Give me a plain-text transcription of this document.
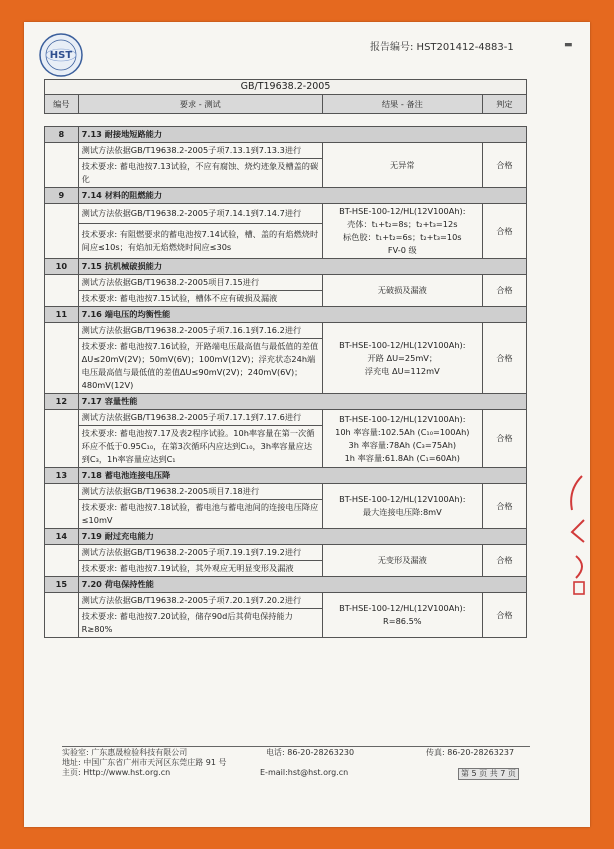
HST
报告编号: HST201412-4883-1	▬
GB/T19638.2-2005
编号	要求 - 测试	结果 - 备注	判定

8	7.13 耐接地短路能力		
	测试方法依据GB/T19638.2-2005子项7.13.1到7.13.3进行	无异常	合格
	技术要求: 蓄电池按7.13试验，不应有腐蚀、烧灼迹象及槽盖的碳化		
9	7.14 材料的阻燃能力		
	测试方法依据GB/T19638.2-2005子项7.14.1到7.14.7进行	BT-HSE-100-12/HL(12V100Ah):
壳体：t₁+t₂=8s；t₂+t₃=12s
标色胶：t₁+t₂=6s；t₂+t₃=10s
FV-0 级	合格
	技术要求: 有阻燃要求的蓄电池按7.14试验，槽、盖的有焰燃烧时间应≤10s；有焰加无焰燃烧时间应≤30s		
10	7.15 抗机械破损能力		
	测试方法依据GB/T19638.2-2005项目7.15进行	无破损及漏液	合格
	技术要求: 蓄电池按7.15试验，槽体不应有破损及漏液		
11	7.16 端电压的均衡性能		
	测试方法依据GB/T19638.2-2005子项7.16.1到7.16.2进行	BT-HSE-100-12/HL(12V100Ah):
开路 ΔU=25mV；
浮充电 ΔU=112mV	合格
	技术要求: 蓄电池按7.16试验，开路端电压最高值与最低值的差值ΔU≤20mV(2V)；50mV(6V)；100mV(12V)；浮充状态24h端电压最高值与最低值的差值ΔU≤90mV(2V)；240mV(6V)；480mV(12V)		
12	7.17 容量性能		
	测试方法依据GB/T19638.2-2005子项7.17.1到7.17.6进行	BT-HSE-100-12/HL(12V100Ah):
10h 率容量:102.5Ah (C₁₀=100Ah)
3h 率容量:78Ah (C₃=75Ah)
1h 率容量:61.8Ah (C₁=60Ah)	合格
	技术要求: 蓄电池按7.17及表2程序试验。10h率容量在第一次循环应不低于0.95C₁₀，在第3次循环内应达到C₁₀，3h率容量应达到C₃，1h率容量应达到C₁		
13	7.18 蓄电池连接电压降		
	测试方法依据GB/T19638.2-2005项目7.18进行	BT-HSE-100-12/HL(12V100Ah):
最大连接电压降:8mV	合格
	技术要求: 蓄电池按7.18试验，蓄电池与蓄电池间的连接电压降应≤10mV		
14	7.19 耐过充电能力		
	测试方法依据GB/T19638.2-2005子项7.19.1到7.19.2进行	无变形及漏液	合格
	技术要求: 蓄电池按7.19试验，其外观应无明显变形及漏液		
15	7.20 荷电保持性能		
	测试方法依据GB/T19638.2-2005子项7.20.1到7.20.2进行	BT-HSE-100-12/HL(12V100Ah):
R=86.5%	合格
	技术要求: 蓄电池按7.20试验，储存90d后其荷电保持能力R≥80%		
实验室: 广东惠晟检验科技有限公司	电话: 86-20-28263230	传真: 86-20-28263237
地址: 中国广东省广州市天河区东莞庄路 91 号
主页: Http://www.hst.org.cn	E-mail:hst@hst.org.cn	第 5 页 共 7 页
